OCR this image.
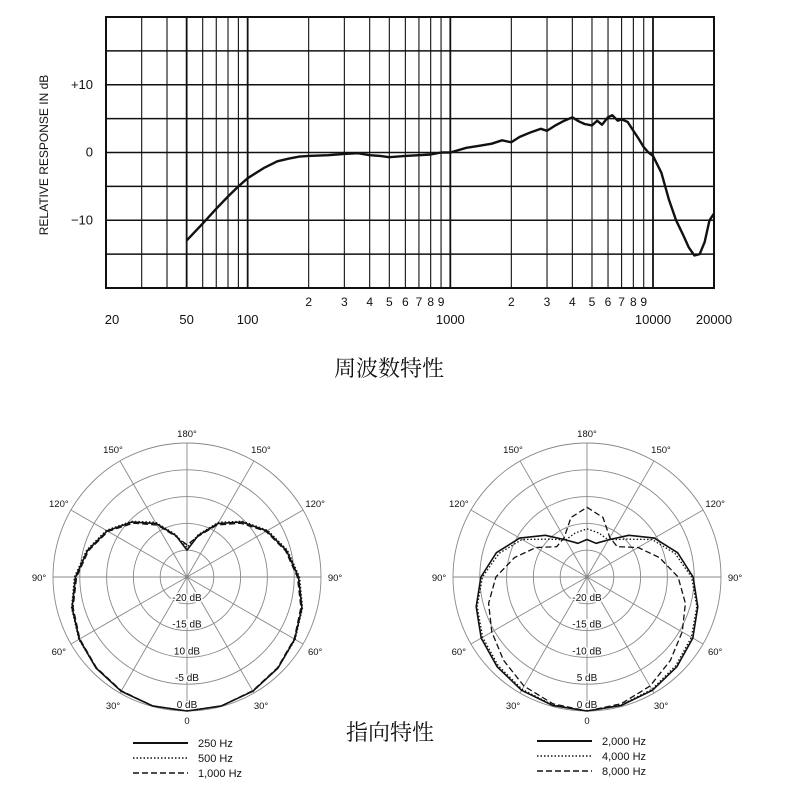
+10
0
−10
20	50	100	1000	10000 20000
2 3 4 5 6 7 8 9	2 3 4 5 6 7 8 9
RELATIVE RESPONSE IN dB
周波数特性
180°
150°	150°
120°	120°
90°	90°
60°	60°
30°	30°
0
-20 dB
-15 dB
10 dB
-5 dB
0 dB
180°
150°	150°
120°	120°
90°	90°
60°	60°
30°	30°
0
-20 dB
-15 dB
-10 dB
5 dB
0 dB
指向特性
250 Hz
500 Hz
1,000 Hz
2,000 Hz
4,000 Hz
8,000 Hz
